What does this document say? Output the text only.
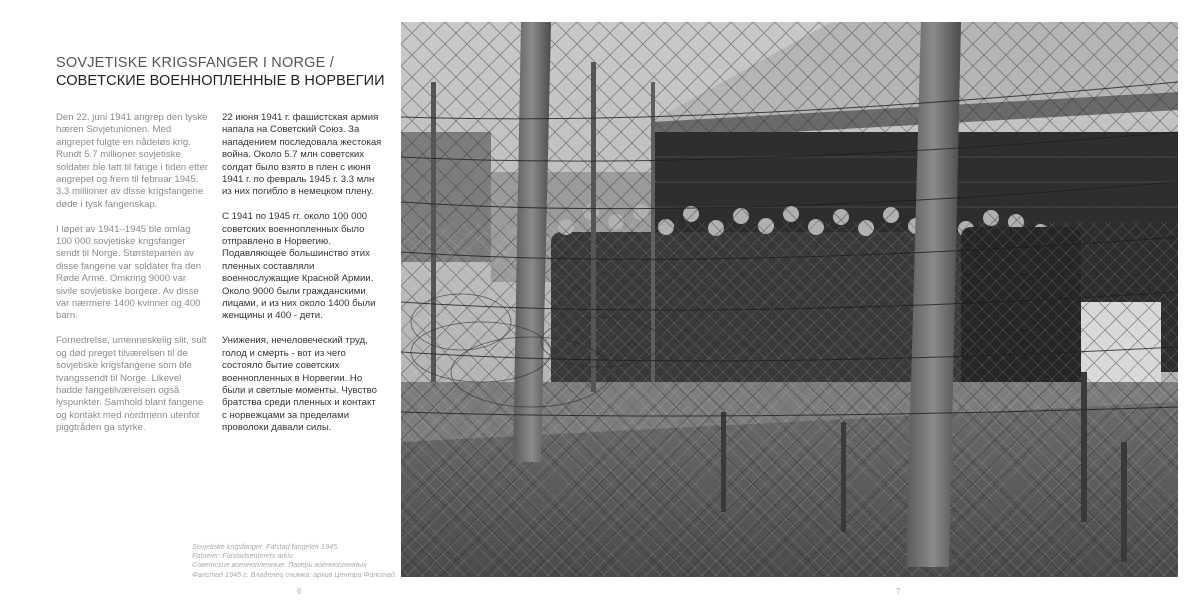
SOVJETISKE KRIGSFANGER I NORGE /
СОВЕТСКИЕ ВОЕННОПЛЕННЫЕ В НОРВЕГИИ

Den 22. juni 1941 angrep den tyske hæren Sovjetunionen. Med angrepet fulgte en nådeløs krig. Rundt 5.7 millioner sovjetiske soldater ble tatt til fange i tiden etter angrepet og frem til februar 1945. 3.3 millioner av disse krigsfangene døde i tysk fangenskap.

I løpet av 1941–1945 ble omlag 100 000 sovjetiske krigsfanger sendt til Norge. Størsteparten av disse fangene var soldater fra den Røde Armé. Omkring 9000 var sivile sovjetiske borgere. Av disse var nærmere 1400 kvinner og 400 barn.

Fornedrelse, umenneskelig slit, sult og død preget tilværelsen til de sovjetiske krigsfangene som ble tvangssendt til Norge. Likevel hadde fangetilværelsen også lyspunkter. Samhold blant fangene og kontakt med nordmenn utenfor piggtråden ga styrke.

22 июня 1941 г. фашистская армия напала на Советский Союз. За нападением последовала жестокая война. Около 5.7 млн советских солдат было взято в плен с июня 1941 г. по февраль 1945 г. 3.3 млн из них погибло в немецком плену.

С 1941 по 1945 гг. около 100 000 советских военнопленных было отправлено в Норвегию. Подавляющее большинство этих пленных составляли военнослужащие Красной Армии. Около 9000 были гражданскими лицами, и из них около 1400 были женщины и 400 - дети.

Унижения, нечеловеческий труд, голод и смерть - вот из чего состояло бытие советских военнопленных в Норвегии. Но были и светлые моменты. Чувство братства среди пленных и контакт с норвежцами за пределами проволоки давали силы.

Sovjetiske krigsfanger. Falstad fangeleir 1945.
Fotoeier: Falstadsenterets arkiv.
Советские военнопленные. Лагерь военнопленных
Фалстад 1945 г. Владелец снимка: архив Центра Фалстад.
6	7
